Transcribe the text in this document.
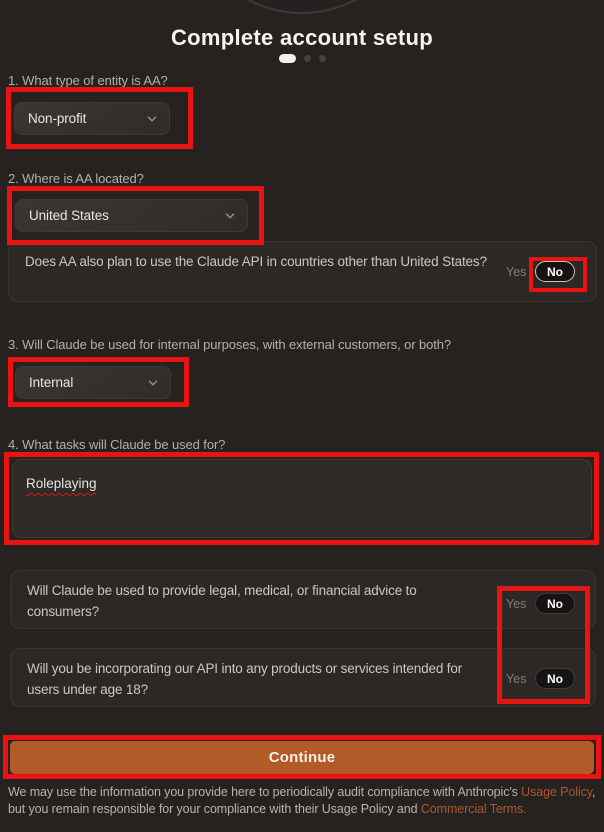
Complete account setup
1. What type of entity is AA?
Non-profit
2. Where is AA located?
United States
Does AA also plan to use the Claude API in countries other than United States?
Yes	No
3. Will Claude be used for internal purposes, with external customers, or both?
Internal
4. What tasks will Claude be used for?
Roleplaying
Will Claude be used to provide legal, medical, or financial advice to consumers?	Yes	No
Will you be incorporating our API into any products or services intended for users under age 18?
Yes	No
Continue
We may use the information you provide here to periodically audit compliance with Anthropic's Usage Policy, but you remain responsible for your compliance with their Usage Policy and Commercial Terms.
